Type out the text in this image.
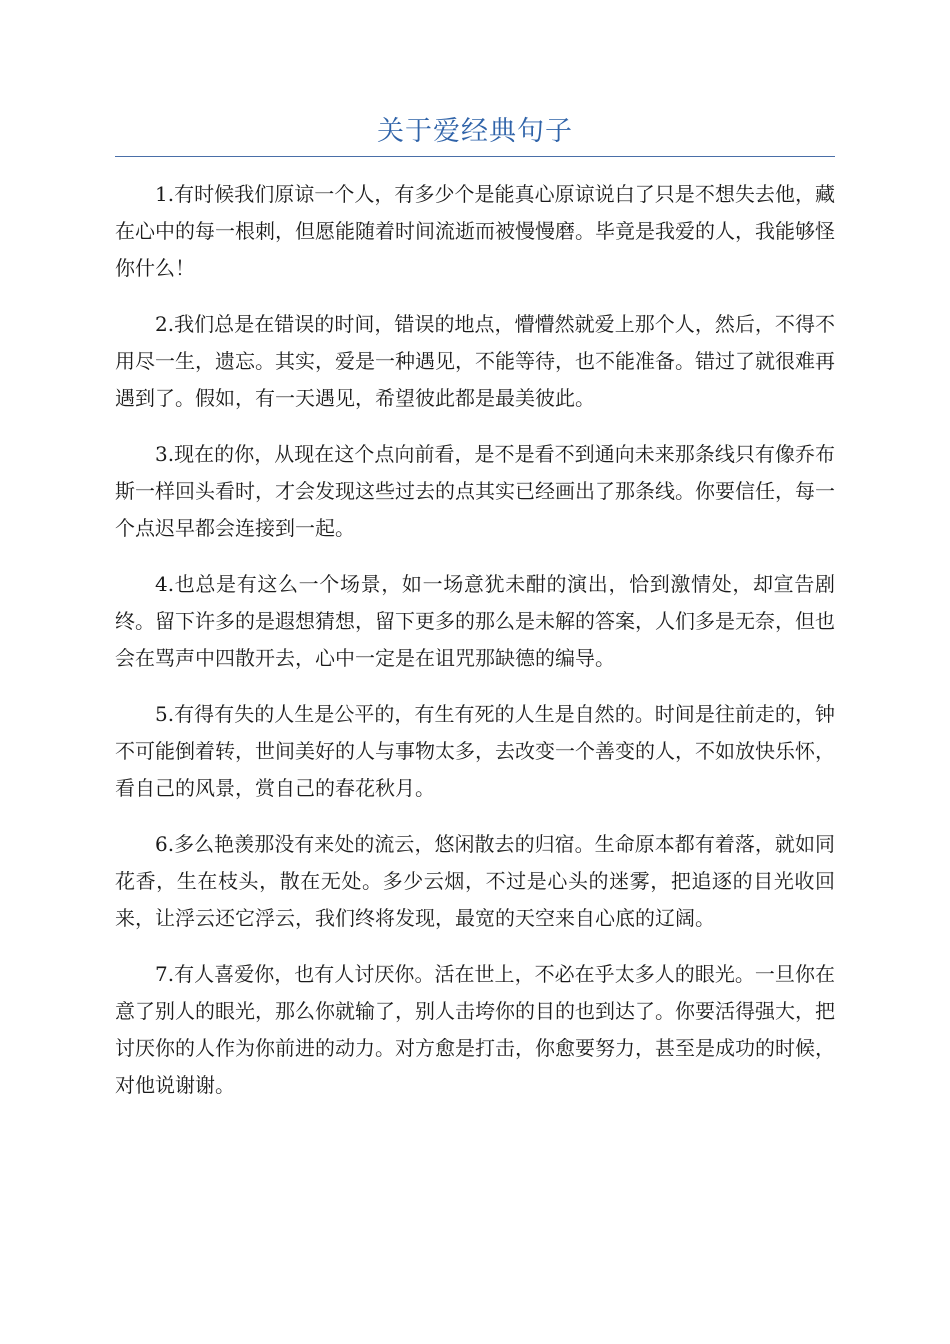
关于爱经典句子

1.有时候我们原谅一个人，有多少个是能真心原谅说白了只是不想失去他，藏在心中的每一根刺，但愿能随着时间流逝而被慢慢磨。毕竟是我爱的人，我能够怪你什么！

2.我们总是在错误的时间，错误的地点，懵懵然就爱上那个人，然后，不得不用尽一生，遗忘。其实，爱是一种遇见，不能等待，也不能准备。错过了就很难再遇到了。假如，有一天遇见，希望彼此都是最美彼此。

3.现在的你，从现在这个点向前看，是不是看不到通向未来那条线只有像乔布斯一样回头看时，才会发现这些过去的点其实已经画出了那条线。你要信任，每一个点迟早都会连接到一起。

4.也总是有这么一个场景，如一场意犹未酣的演出，恰到激情处，却宣告剧终。留下许多的是遐想猜想，留下更多的那么是未解的答案，人们多是无奈，但也会在骂声中四散开去，心中一定是在诅咒那缺德的编导。

5.有得有失的人生是公平的，有生有死的人生是自然的。时间是往前走的，钟不可能倒着转，世间美好的人与事物太多，去改变一个善变的人，不如放快乐怀，看自己的风景，赏自己的春花秋月。

6.多么艳羡那没有来处的流云，悠闲散去的归宿。生命原本都有着落，就如同花香，生在枝头，散在无处。多少云烟，不过是心头的迷雾，把追逐的目光收回来，让浮云还它浮云，我们终将发现，最宽的天空来自心底的辽阔。

7.有人喜爱你，也有人讨厌你。活在世上，不必在乎太多人的眼光。一旦你在意了别人的眼光，那么你就输了，别人击垮你的目的也到达了。你要活得强大，把讨厌你的人作为你前进的动力。对方愈是打击，你愈要努力，甚至是成功的时候，对他说谢谢。
